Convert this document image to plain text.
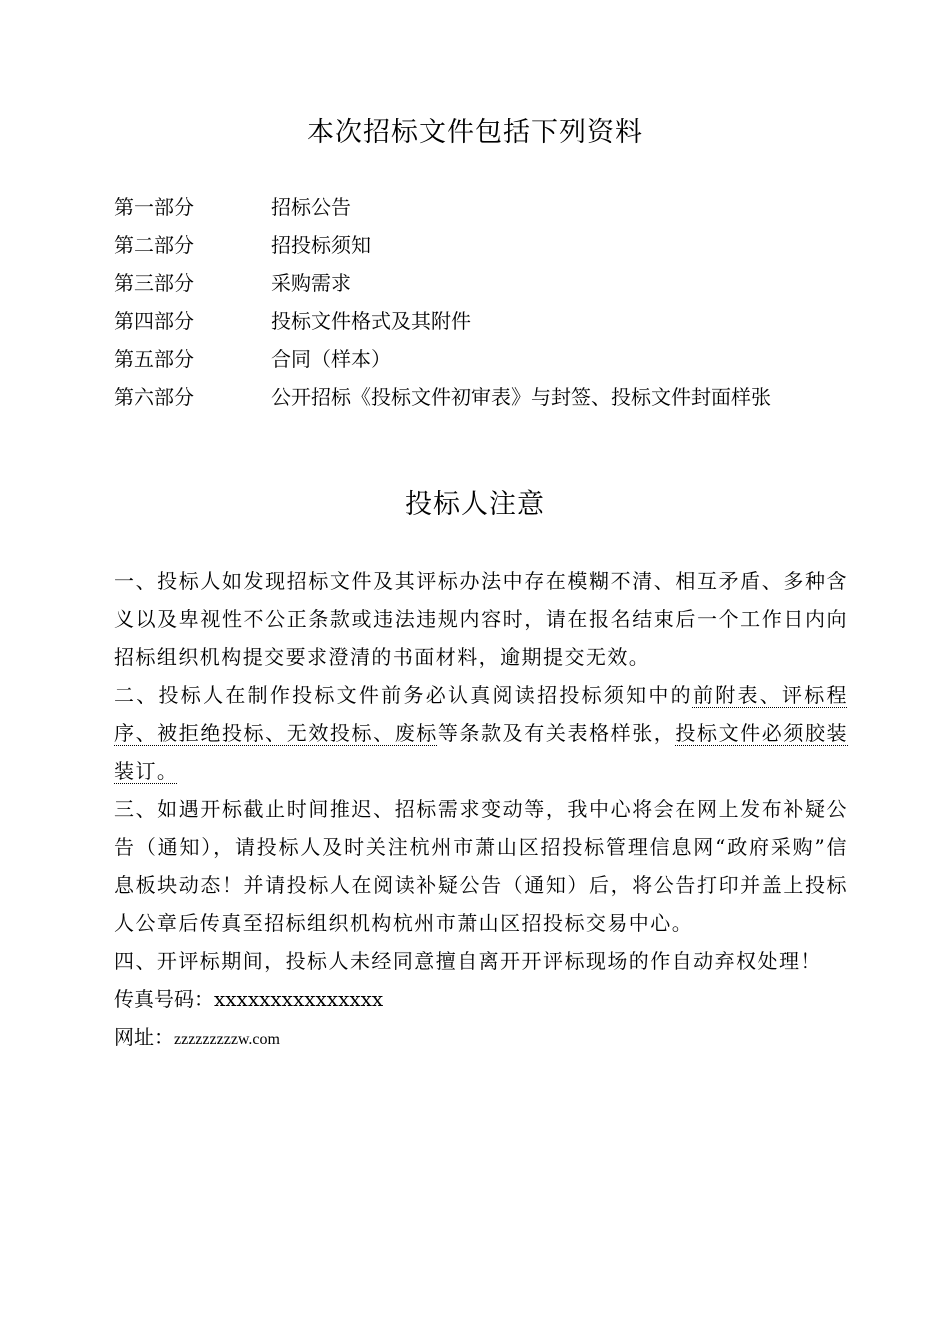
本次招标文件包括下列资料
第一部分	招标公告
第二部分	招投标须知
第三部分	采购需求
第四部分	投标文件格式及其附件
第五部分	合同（样本）
第六部分	公开招标《投标文件初审表》与封签、投标文件封面样张
投标人注意

一、投标人如发现招标文件及其评标办法中存在模糊不清、相互矛盾、多种含义以及卑视性不公正条款或违法违规内容时，请在报名结束后一个工作日内向招标组织机构提交要求澄清的书面材料，逾期提交无效。

二、投标人在制作投标文件前务必认真阅读招投标须知中的前附表、评标程序、被拒绝投标、无效投标、废标等条款及有关表格样张，投标文件必须胶装装订。

三、如遇开标截止时间推迟、招标需求变动等，我中心将会在网上发布补疑公告（通知），请投标人及时关注杭州市萧山区招投标管理信息网“政府采购”信息板块动态！并请投标人在阅读补疑公告（通知）后，将公告打印并盖上投标人公章后传真至招标组织机构杭州市萧山区招投标交易中心。

四、开评标期间，投标人未经同意擅自离开开评标现场的作自动弃权处理！

传真号码：xxxxxxxxxxxxxxx

网址：zzzzzzzzzw.com
